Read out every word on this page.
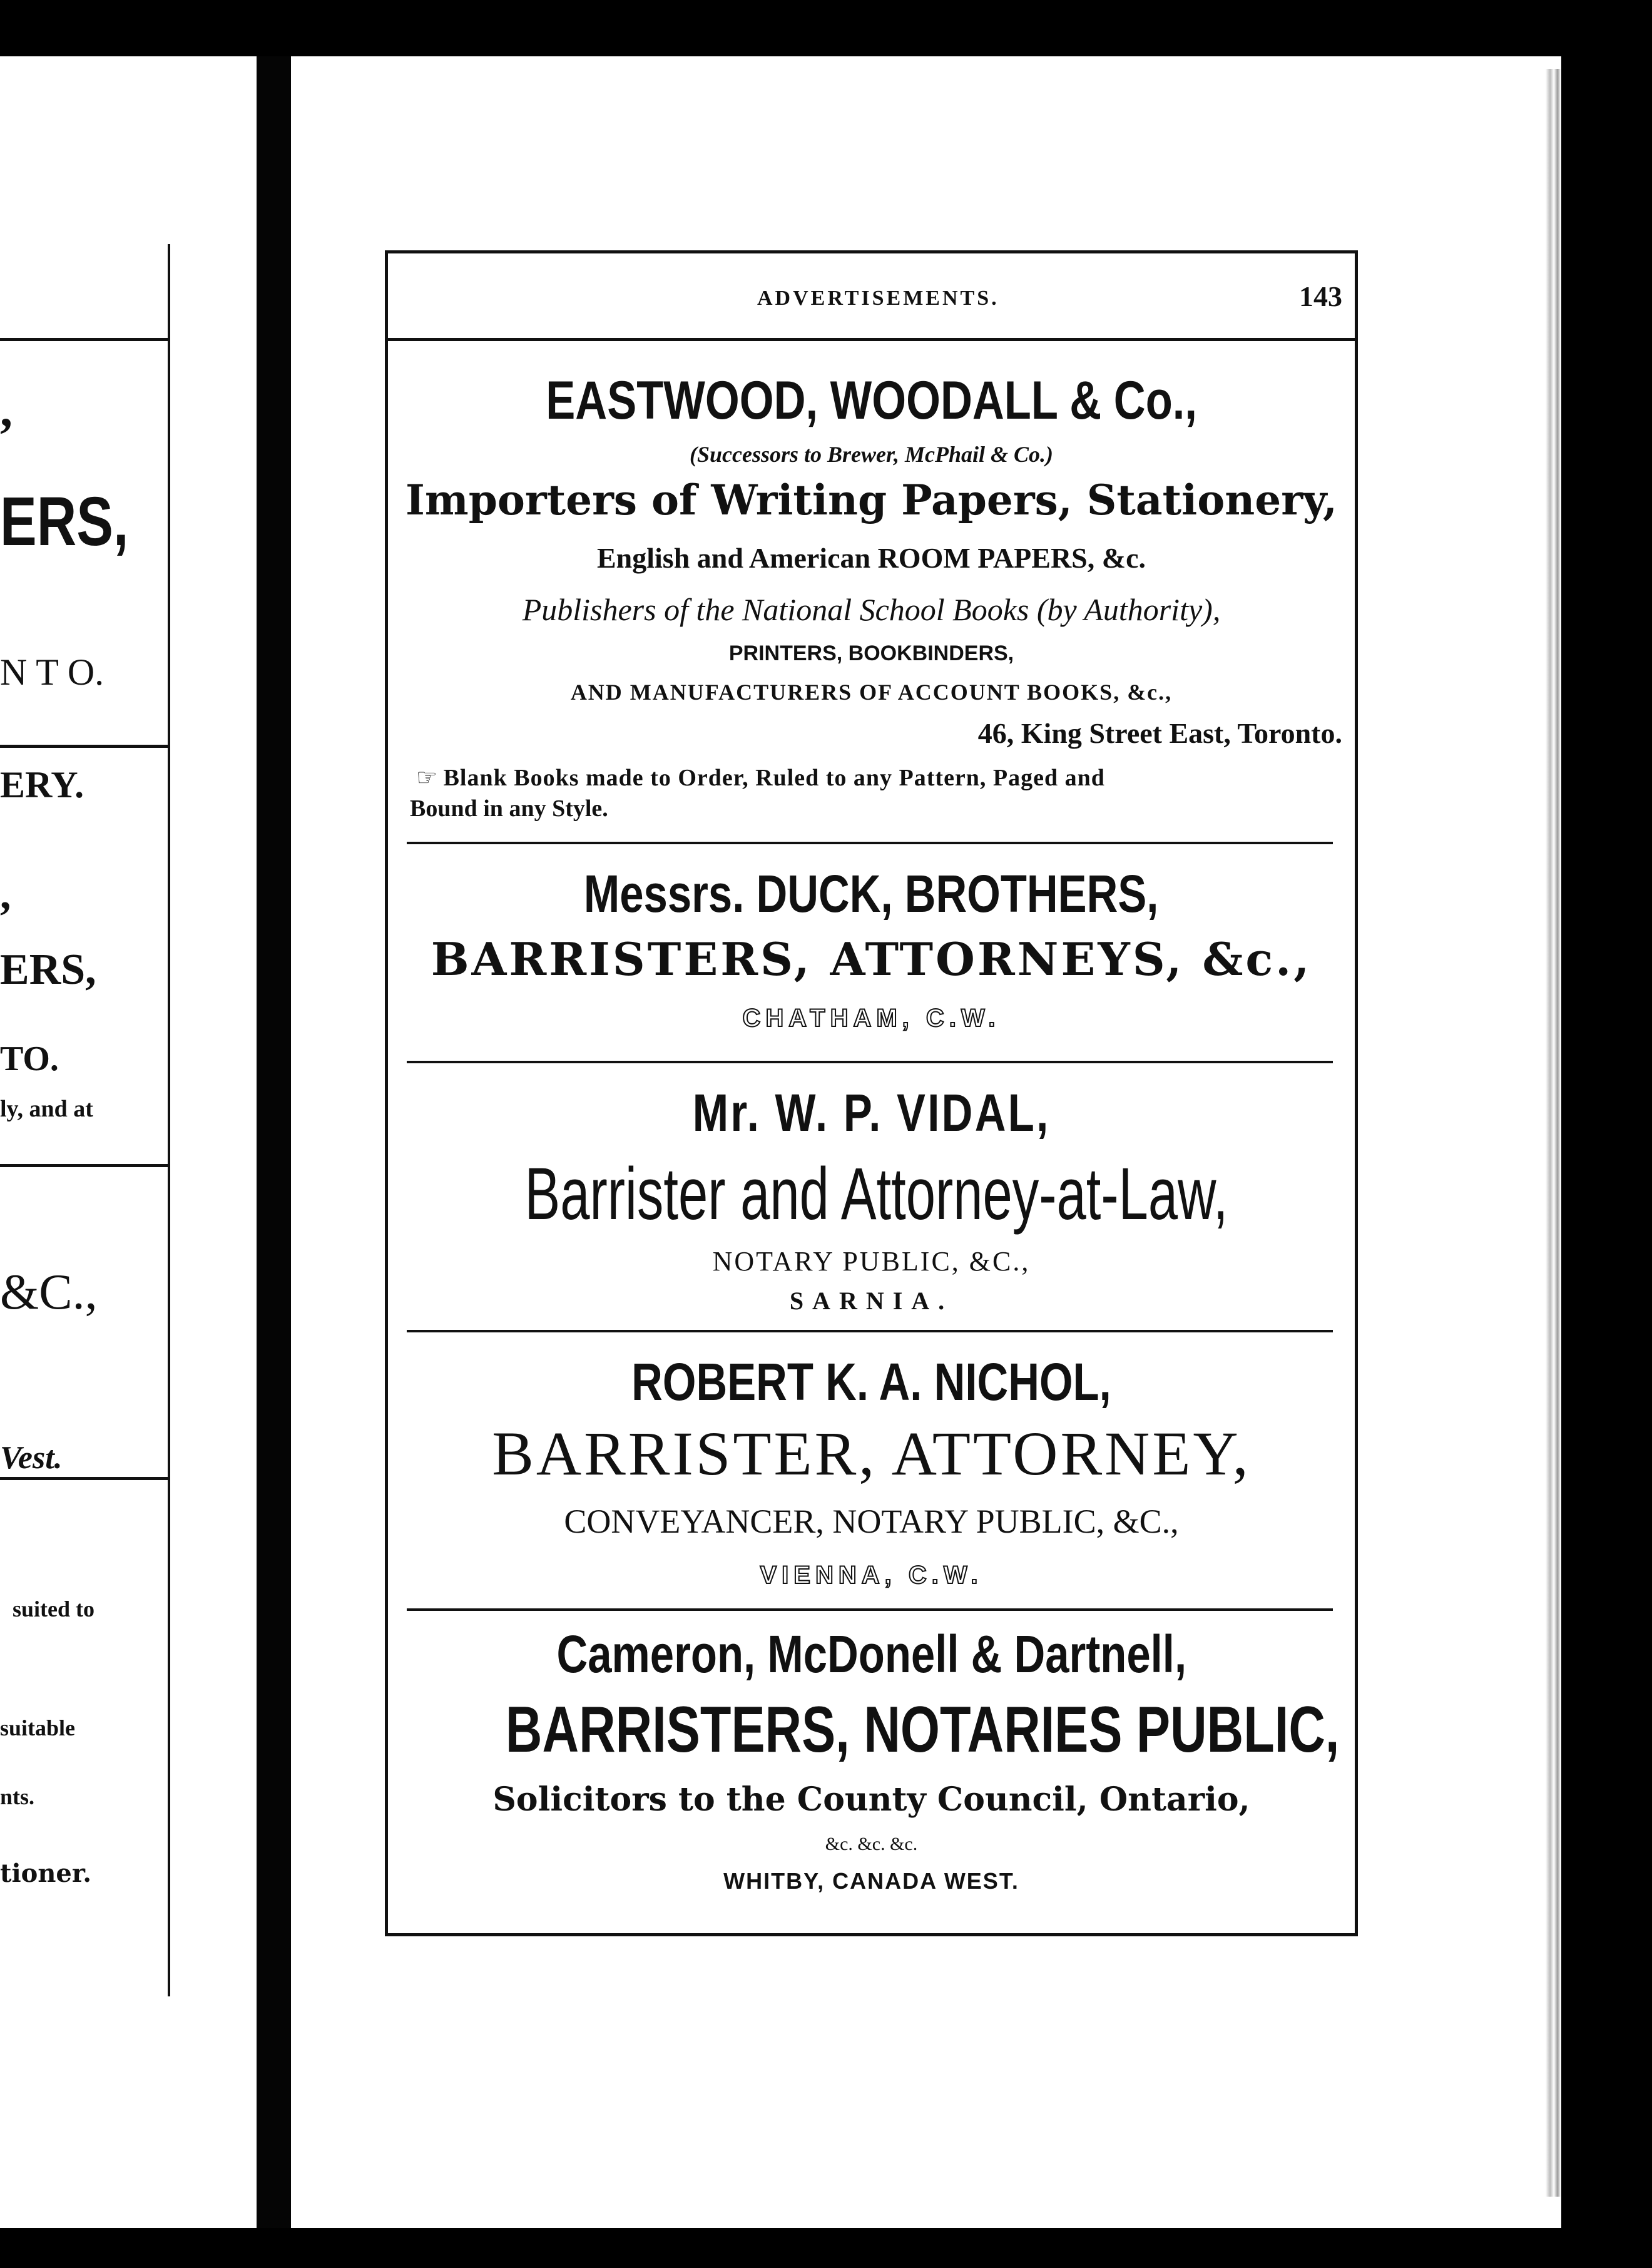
,
ERS,
N T O.
ERY.
,
ERS,
TO.
ly, and at
&C.,
Vest.
suited to
suitable
nts.
tioner.
ADVERTISEMENTS.	143
EASTWOOD, WOODALL & Co.,
(Successors to Brewer, McPhail & Co.)
Importers of Writing Papers, Stationery,
English and American ROOM PAPERS, &c.
Publishers of the National School Books (by Authority),
PRINTERS, BOOKBINDERS,
AND MANUFACTURERS OF ACCOUNT BOOKS, &c.,
46, King Street East, Toronto.
☞ Blank Books made to Order, Ruled to any Pattern, Paged and
Bound in any Style.
Messrs. DUCK, BROTHERS,
BARRISTERS, ATTORNEYS, &c.,
CHATHAM, C.W.
Mr. W. P. VIDAL,
Barrister and Attorney-at-Law,
NOTARY PUBLIC, &C.,
SARNIA.
ROBERT K. A. NICHOL,
BARRISTER, ATTORNEY,
CONVEYANCER, NOTARY PUBLIC, &C.,
VIENNA, C.W.
Cameron, McDonell & Dartnell,
BARRISTERS, NOTARIES PUBLIC,
Solicitors to the County Council, Ontario,
&c. &c. &c.
WHITBY, CANADA WEST.
